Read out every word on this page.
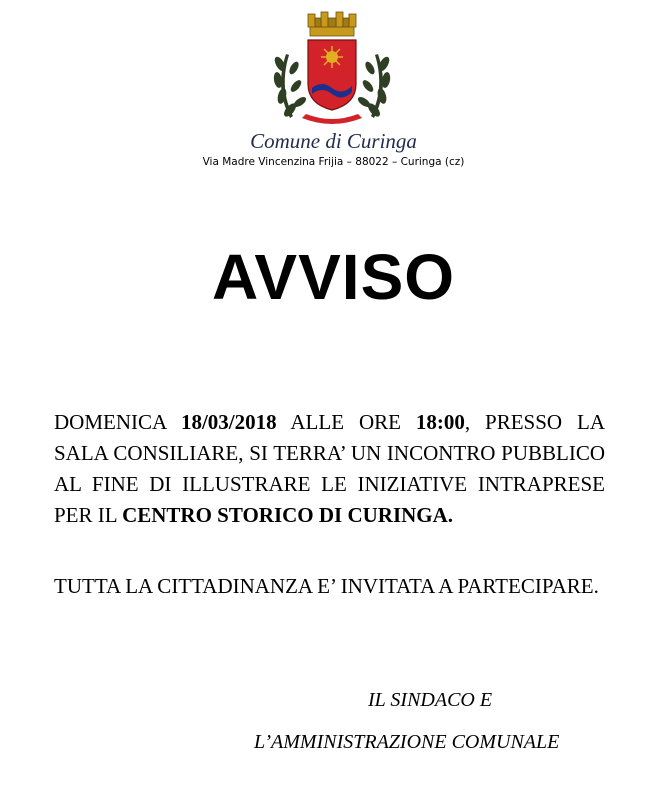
Comune di Curinga
Via Madre Vincenzina Frijia – 88022 – Curinga (cz)
AVVISO

DOMENICA 18/03/2018 ALLE ORE 18:00, PRESSO LA SALA CONSILIARE, SI TERRA’ UN INCONTRO PUBBLICO AL FINE DI ILLUSTRARE LE INIZIATIVE INTRAPRESE PER IL CENTRO STORICO DI CURINGA.

TUTTA LA CITTADINANZA E’ INVITATA A PARTECIPARE.

IL SINDACO E
L’AMMINISTRAZIONE COMUNALE
